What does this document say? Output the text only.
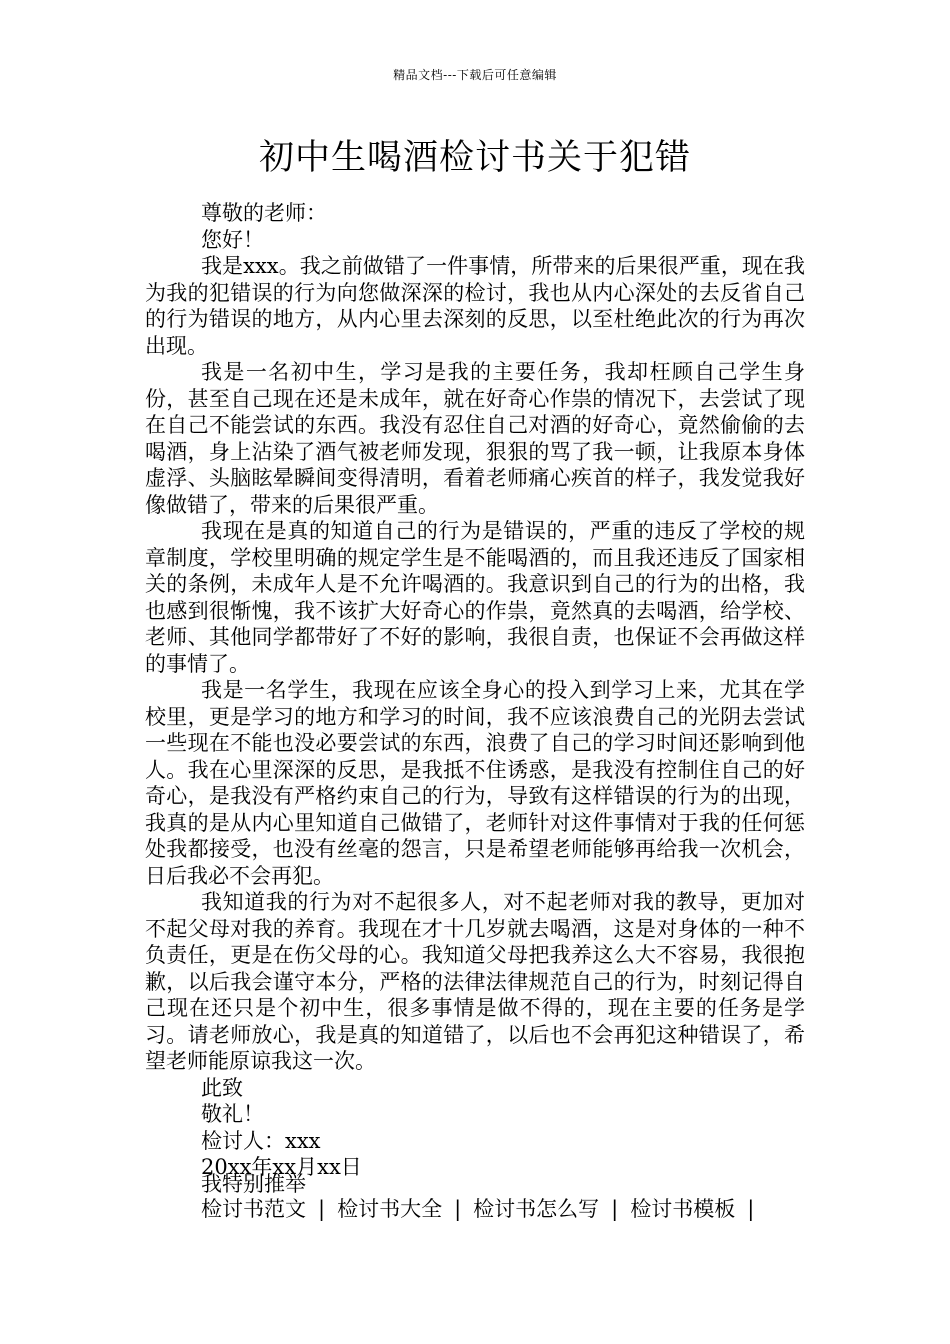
精品文档---下载后可任意编辑
初中生喝酒检讨书关于犯错
尊敬的老师：
您好！
我是xxx。我之前做错了一件事情，所带来的后果很严重，现在我为我的犯错误的行为向您做深深的检讨，我也从内心深处的去反省自己的行为错误的地方，从内心里去深刻的反思，以至杜绝此次的行为再次出现。
我是一名初中生，学习是我的主要任务，我却枉顾自己学生身份，甚至自己现在还是未成年，就在好奇心作祟的情况下，去尝试了现在自己不能尝试的东西。我没有忍住自己对酒的好奇心，竟然偷偷的去喝酒，身上沾染了酒气被老师发现，狠狠的骂了我一顿，让我原本身体虚浮、头脑眩晕瞬间变得清明，看着老师痛心疾首的样子，我发觉我好像做错了，带来的后果很严重。
我现在是真的知道自己的行为是错误的，严重的违反了学校的规章制度，学校里明确的规定学生是不能喝酒的，而且我还违反了国家相关的条例，未成年人是不允许喝酒的。我意识到自己的行为的出格，我也感到很惭愧，我不该扩大好奇心的作祟，竟然真的去喝酒，给学校、老师、其他同学都带好了不好的影响，我很自责，也保证不会再做这样的事情了。
我是一名学生，我现在应该全身心的投入到学习上来，尤其在学校里，更是学习的地方和学习的时间，我不应该浪费自己的光阴去尝试一些现在不能也没必要尝试的东西，浪费了自己的学习时间还影响到他人。我在心里深深的反思，是我抵不住诱惑，是我没有控制住自己的好奇心，是我没有严格约束自己的行为，导致有这样错误的行为的出现，我真的是从内心里知道自己做错了，老师针对这件事情对于我的任何惩处我都接受，也没有丝毫的怨言，只是希望老师能够再给我一次机会，日后我必不会再犯。
我知道我的行为对不起很多人，对不起老师对我的教导，更加对不起父母对我的养育。我现在才十几岁就去喝酒，这是对身体的一种不负责任，更是在伤父母的心。我知道父母把我养这么大不容易，我很抱歉，以后我会谨守本分，严格的法律法律规范自己的行为，时刻记得自己现在还只是个初中生，很多事情是做不得的，现在主要的任务是学习。请老师放心，我是真的知道错了，以后也不会再犯这种错误了，希望老师能原谅我这一次。
此致
敬礼！
检讨人：xxx
20xx年xx月xx日
我特别推举
检讨书范文 | 检讨书大全 | 检讨书怎么写 | 检讨书模板 |
